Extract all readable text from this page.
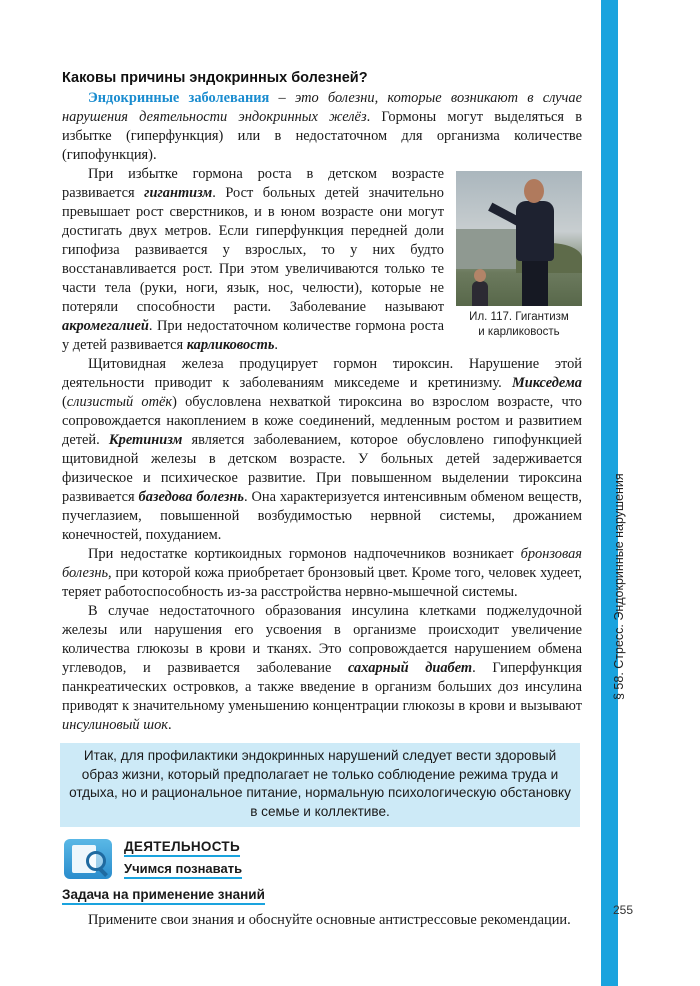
§ 58. Стресс. Эндокринные нарушения
255
Каковы причины эндокринных болезней?

Эндокринные заболевания – это болезни, которые возникают в случае нарушения деятельности эндокринных желёз. Гормоны могут выделяться в избытке (гиперфункция) или в недостаточном для организма количестве (гипофункция).

Ил. 117. Гигантизм
и карликовость

При избытке гормона роста в детском возрасте развивается гигантизм. Рост больных детей значительно превышает рост сверстников, и в юном возрасте они могут достигать двух метров. Если гиперфункция передней доли гипофиза развивается у взрослых, то у них будто восстанавливается рост. При этом увеличиваются только те части тела (руки, ноги, язык, нос, челюсти), которые не потеряли способности расти. Заболевание называют акромегалией. При недостаточном количестве гормона роста у детей развивается карликовость.

Щитовидная железа продуцирует гормон тироксин. Нарушение этой деятельности приводит к заболеваниям микседеме и кретинизму. Микседема (слизистый отёк) обусловлена нехваткой тироксина во взрослом возрасте, что сопровождается накоплением в коже соединений, медленным ростом и развитием детей. Кретинизм является заболеванием, которое обусловлено гипофункцией щитовидной железы в детском возрасте. У больных детей задерживается физическое и психическое развитие. При повышенном выделении тироксина развивается базедова болезнь. Она характеризуется интенсивным обменом веществ, пучеглазием, повышенной возбудимостью нервной системы, дрожанием конечностей, похуданием.

При недостатке кортикоидных гормонов надпочечников возникает бронзовая болезнь, при которой кожа приобретает бронзовый цвет. Кроме того, человек худеет, теряет работоспособность из-за расстройства нервно-мышечной системы.

В случае недостаточного образования инсулина клетками поджелудочной железы или нарушения его усвоения в организме происходит увеличение количества глюкозы в крови и тканях. Это сопровождается нарушением обмена углеводов, и развивается заболевание сахарный диабет. Гиперфункция панкреатических островков, а также введение в организм больших доз инсулина приводят к значительному уменьшению концентрации глюкозы в крови и вызывают инсулиновый шок.

Итак, для профилактики эндокринных нарушений следует вести здоровый образ жизни, который предполагает не только соблюдение режима труда и отдыха, но и рациональное питание, нормальную психологическую обстановку в семье и коллективе.
ДЕЯТЕЛЬНОСТЬ
Учимся познавать
Задача на применение знаний

Примените свои знания и обоснуйте основные антистрессовые рекомендации.
